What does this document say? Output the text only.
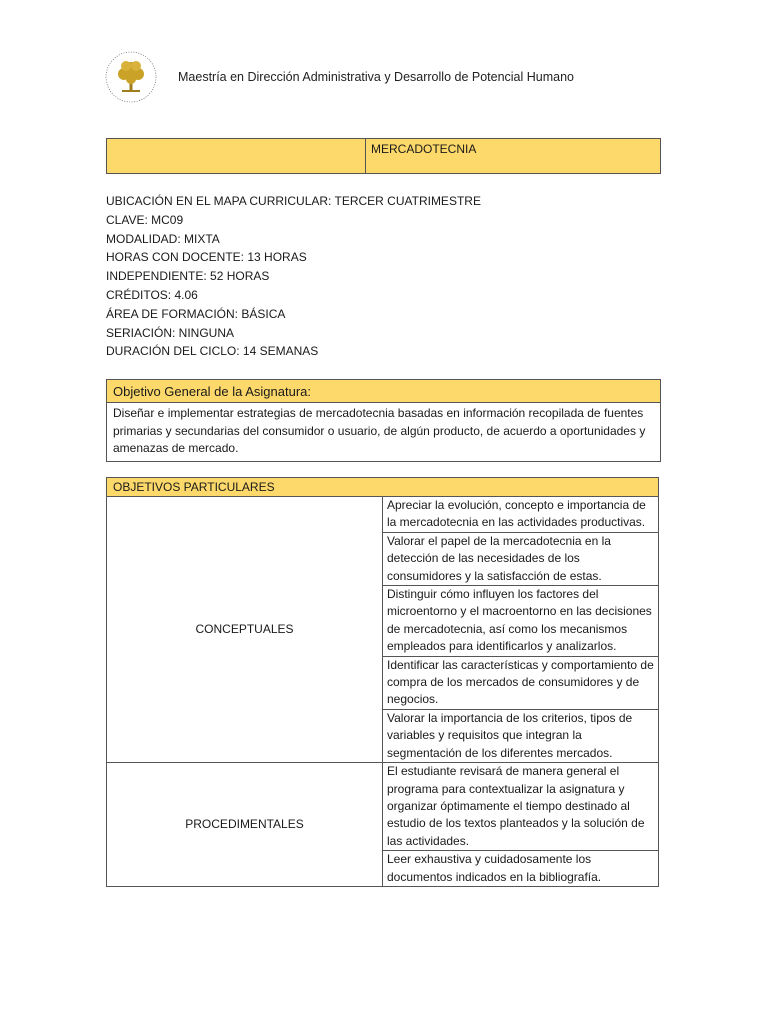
Maestría en Dirección Administrativa y Desarrollo de Potencial Humano
	MERCADOTECNIA
UBICACIÓN EN EL MAPA CURRICULAR: TERCER CUATRIMESTRE
CLAVE: MC09
MODALIDAD: MIXTA
HORAS CON DOCENTE: 13 HORAS
INDEPENDIENTE: 52 HORAS
CRÉDITOS: 4.06
ÁREA DE FORMACIÓN: BÁSICA
SERIACIÓN: NINGUNA
DURACIÓN DEL CICLO: 14 SEMANAS
Objetivo General de la Asignatura:
Diseñar e implementar estrategias de mercadotecnia basadas en información recopilada de fuentes primarias y secundarias del consumidor o usuario, de algún producto, de acuerdo a oportunidades y amenazas de mercado.
OBJETIVOS PARTICULARES	
CONCEPTUALES	Apreciar la evolución, concepto e importancia de la mercadotecnia en las actividades productivas.
	Valorar el papel de la mercadotecnia en la detección de las necesidades de los consumidores y la satisfacción de estas.
	Distinguir cómo influyen los factores del microentorno y el macroentorno en las decisiones de mercadotecnia, así como los mecanismos empleados para identificarlos y analizarlos.
	Identificar las características y comportamiento de compra de los mercados de consumidores y de negocios.
	Valorar la importancia de los criterios, tipos de variables y requisitos que integran la segmentación de los diferentes mercados.
PROCEDIMENTALES	El estudiante revisará de manera general el programa para contextualizar la asignatura y organizar óptimamente el tiempo destinado al estudio de los textos planteados y la solución de las actividades.
	Leer exhaustiva y cuidadosamente los documentos indicados en la bibliografía.
